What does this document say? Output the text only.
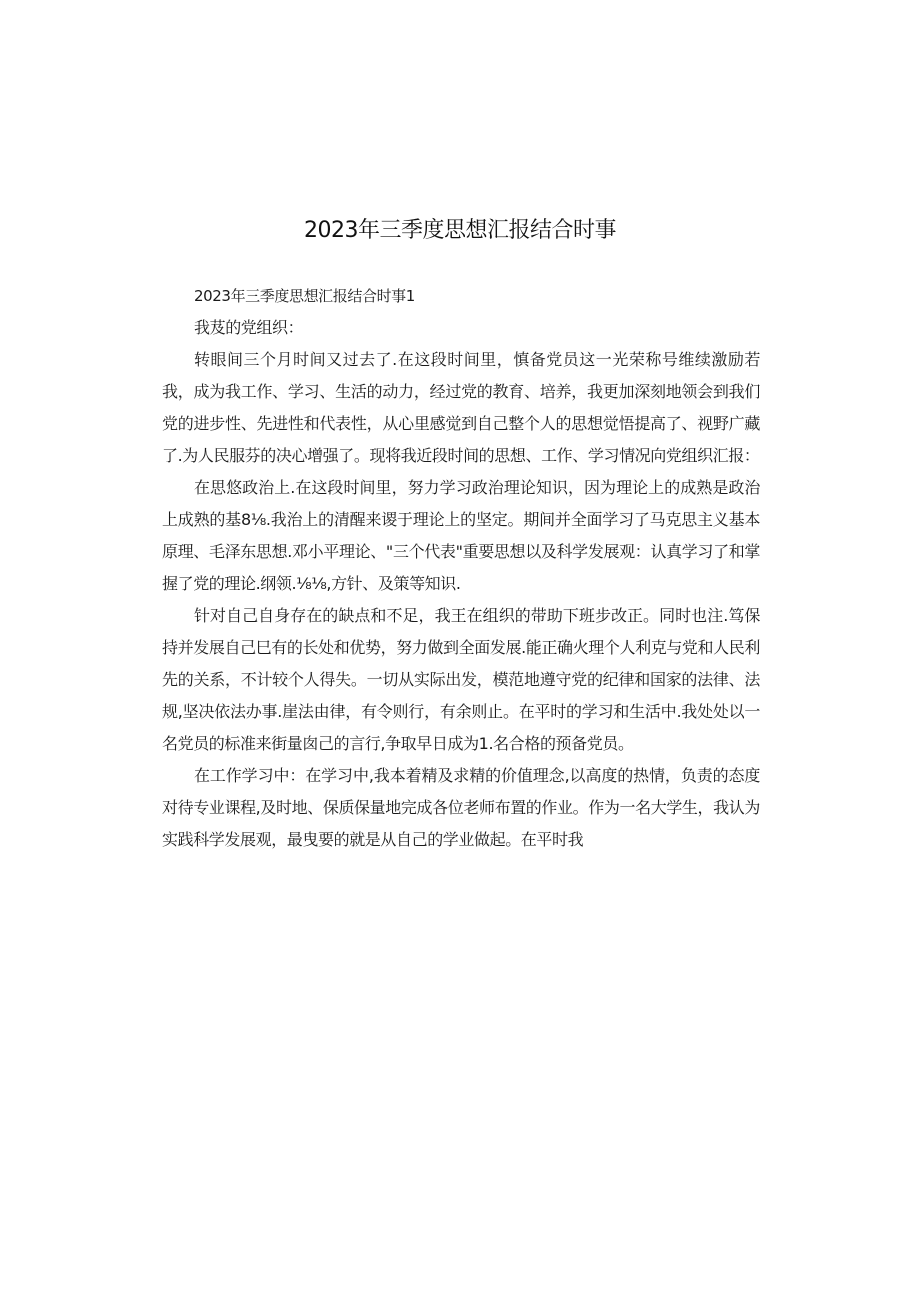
2023年三季度思想汇报结合时事

2023年三季度思想汇报结合时事1

我芨的党组织：

转眼间三个月时间又过去了.在这段时间里，慎备党员这一光荣称号维续激励若我，成为我工作、学习、生活的动力，经过党的教育、培养，我更加深刻地领会到我们党的进步性、先进性和代表性，从心里感觉到自己整个人的思想觉悟提高了、视野广藏了.为人民服芬的决心增强了。现将我近段时间的思想、工作、学习情况向党组织汇报：

在思悠政治上.在这段时间里，努力学习政治理论知识，因为理论上的成熟是政治上成熟的基8⅛.我治上的清醒来谡于理论上的坚定。期间并全面学习了马克思主义基本原理、毛泽东思想.邓小平理论、"三个代表"重要思想以及科学发展观：认真学习了和掌握了党的理论.纲领.⅛⅛,方针、及策等知识.

针对自己自身存在的缺点和不足，我王在组织的带助下班步改正。同时也注.笃保持并发展自己巳有的长处和优势，努力做到全面发展.能正确火理个人利克与党和人民利先的关系，不计较个人得失。一切从实际出发，模范地遵守党的纪律和国家的法律、法规,坚决依法办事.崖法由律，有令则行，有余则止。在平时的学习和生活中.我处处以一名党员的标准来街量囱己的言行,争取早日成为1.名合格的预备党员。

在工作学习中：在学习中,我本着精及求精的价值理念,以高度的热情，负责的态度对待专业课程,及时地、保质保量地完成各位老师布置的作业。作为一名大学生，我认为实践科学发展观，最曳要的就是从自己的学业做起。在平时我
